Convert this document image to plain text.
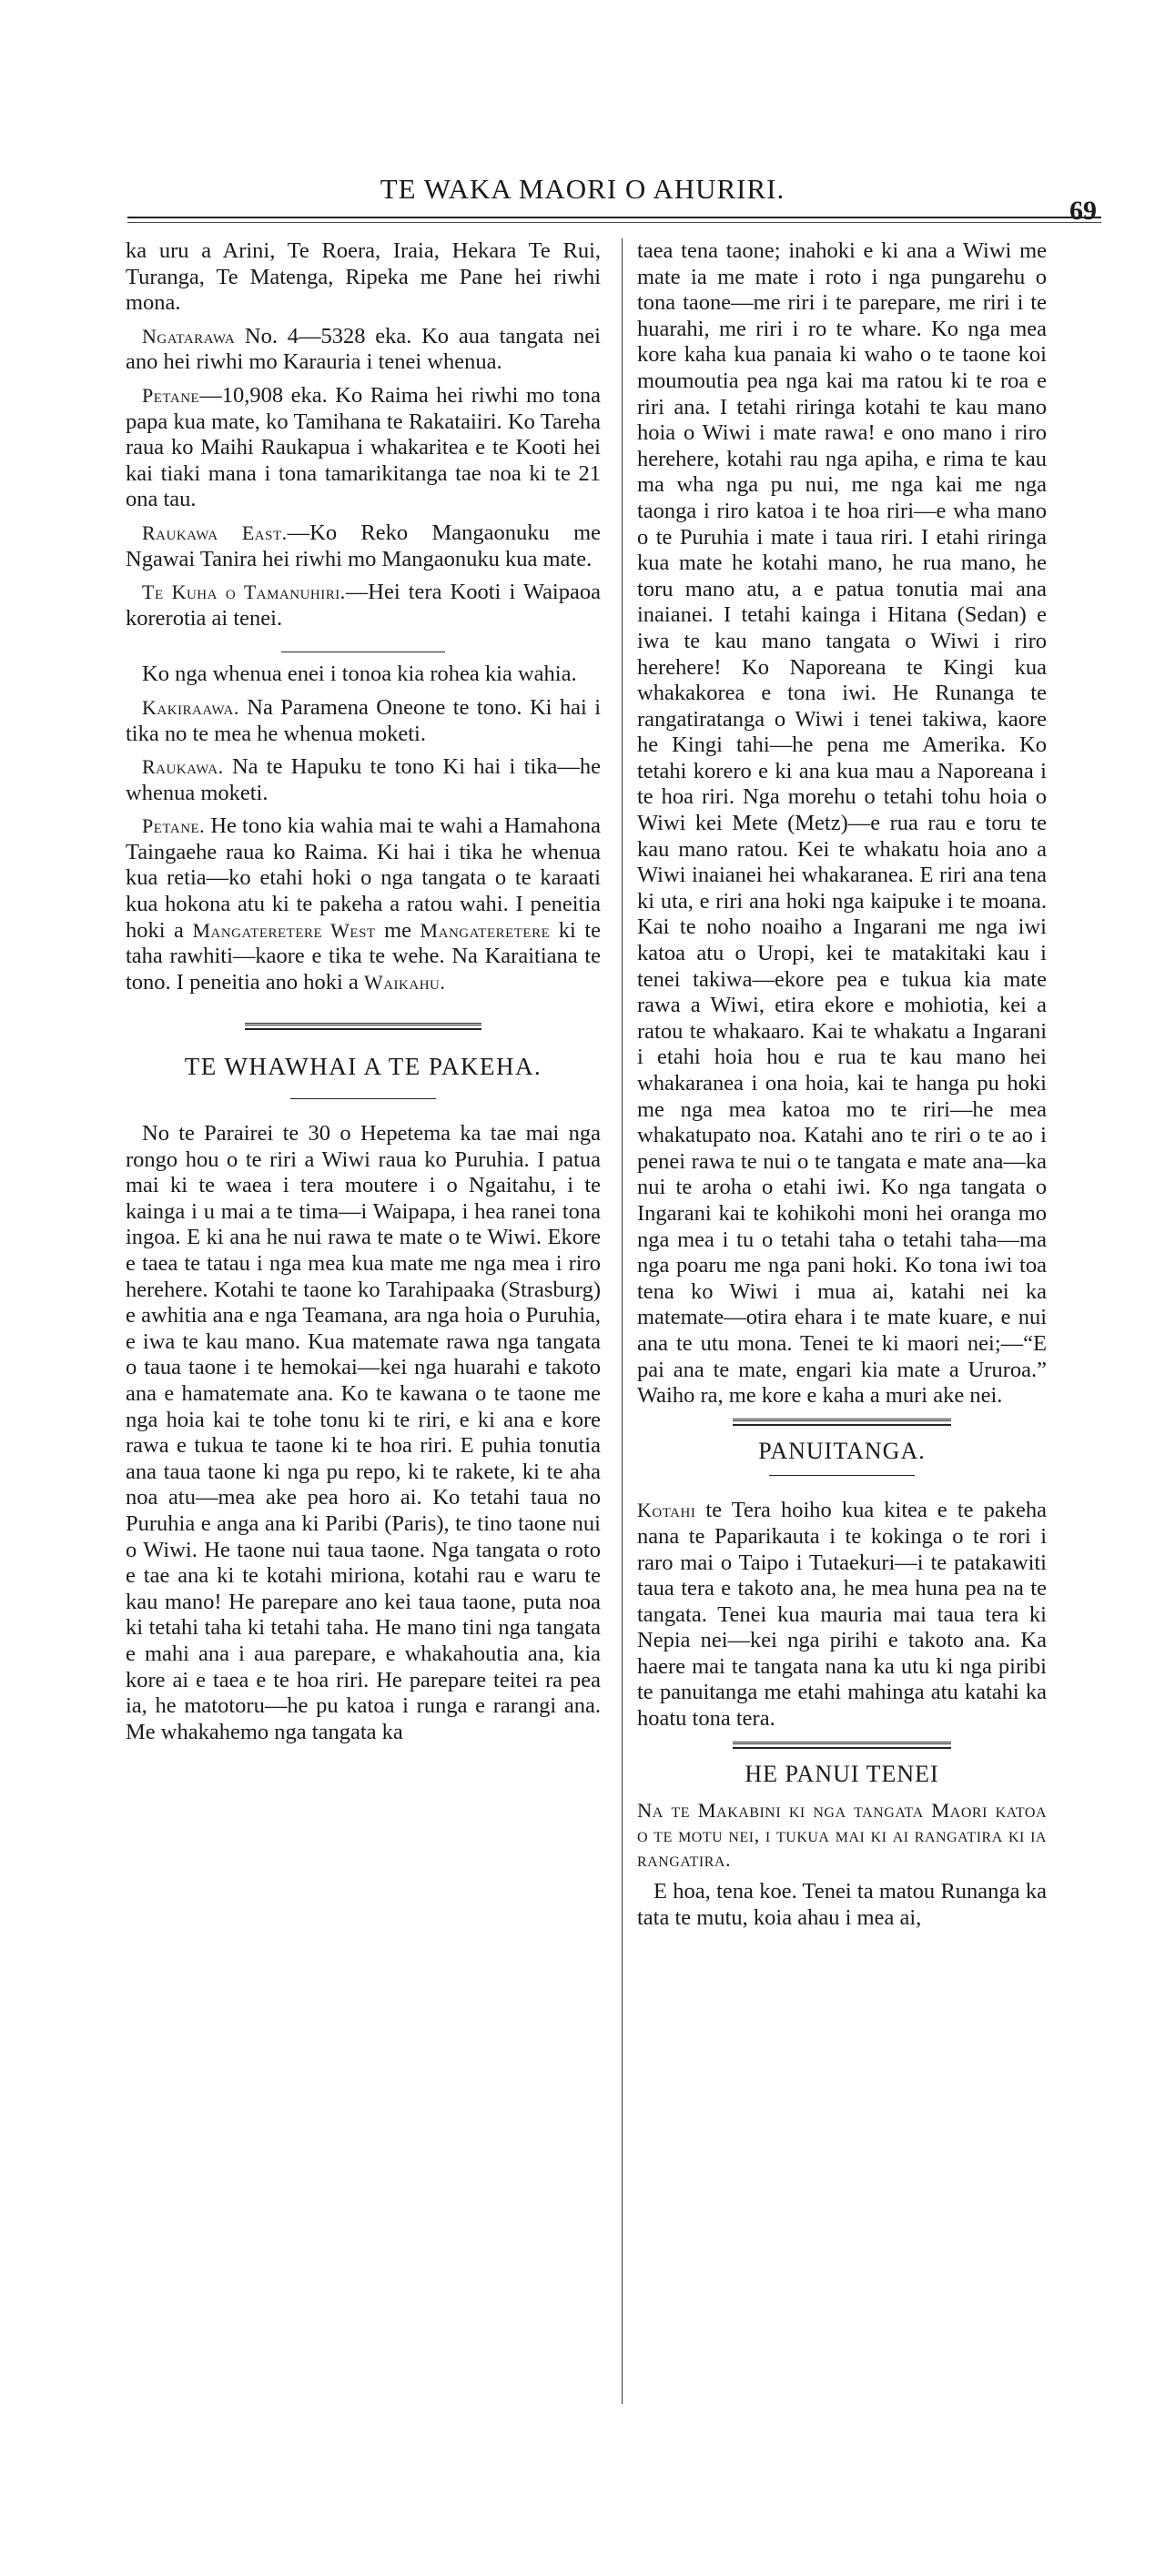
TE WAKA MAORI O AHURIRI.
69

ka uru a Arini, Te Roera, Iraia, Hekara Te Rui, Turanga, Te Matenga, Ripeka me Pane hei riwhi mona.

Ngatarawa No. 4—5328 eka. Ko aua tangata nei ano hei riwhi mo Karauria i tenei whenua.

Petane—10,908 eka. Ko Raima hei riwhi mo tona papa kua mate, ko Tamihana te Rakataiiri. Ko Tareha raua ko Maihi Raukapua i whakaritea e te Kooti hei kai tiaki mana i tona tamarikitanga tae noa ki te 21 ona tau.

Raukawa East.—Ko Reko Mangaonuku me Ngawai Tanira hei riwhi mo Mangaonuku kua mate.

Te Kuha o Tamanuhiri.—Hei tera Kooti i Waipaoa korerotia ai tenei.

Ko nga whenua enei i tonoa kia rohea kia wahia.

Kakiraawa. Na Paramena Oneone te tono. Ki hai i tika no te mea he whenua moketi.

Raukawa. Na te Hapuku te tono Ki hai i tika—he whenua moketi.

Petane. He tono kia wahia mai te wahi a Hamahona Taingaehe raua ko Raima. Ki hai i tika he whenua kua retia—ko etahi hoki o nga tangata o te karaati kua hokona atu ki te pakeha a ratou wahi. I peneitia hoki a Mangateretere West me Mangateretere ki te taha rawhiti—kaore e tika te wehe. Na Karaitiana te tono. I peneitia ano hoki a Waikahu.

TE WHAWHAI A TE PAKEHA.

No te Parairei te 30 o Hepetema ka tae mai nga rongo hou o te riri a Wiwi raua ko Puruhia. I patua mai ki te waea i tera moutere i o Ngaitahu, i te kainga i u mai a te tima—i Waipapa, i hea ranei tona ingoa. E ki ana he nui rawa te mate o te Wiwi. Ekore e taea te tatau i nga mea kua mate me nga mea i riro herehere. Kotahi te taone ko Tarahipaaka (Strasburg) e awhitia ana e nga Teamana, ara nga hoia o Puruhia, e iwa te kau mano. Kua matemate rawa nga tangata o taua taone i te hemokai—kei nga huarahi e takoto ana e hamatemate ana. Ko te kawana o te taone me nga hoia kai te tohe tonu ki te riri, e ki ana e kore rawa e tukua te taone ki te hoa riri. E puhia tonutia ana taua taone ki nga pu repo, ki te rakete, ki te aha noa atu—mea ake pea horo ai. Ko tetahi taua no Puruhia e anga ana ki Paribi (Paris), te tino taone nui o Wiwi. He taone nui taua taone. Nga tangata o roto e tae ana ki te kotahi miriona, kotahi rau e waru te kau mano! He parepare ano kei taua taone, puta noa ki tetahi taha ki tetahi taha. He mano tini nga tangata e mahi ana i aua parepare, e whakahoutia ana, kia kore ai e taea e te hoa riri. He parepare teitei ra pea ia, he matotoru—he pu katoa i runga e rarangi ana. Me whakahemo nga tangata ka

taea tena taone; inahoki e ki ana a Wiwi me mate ia me mate i roto i nga pungarehu o tona taone—me riri i te parepare, me riri i te huarahi, me riri i ro te whare. Ko nga mea kore kaha kua panaia ki waho o te taone koi moumoutia pea nga kai ma ratou ki te roa e riri ana. I tetahi riringa kotahi te kau mano hoia o Wiwi i mate rawa! e ono mano i riro herehere, kotahi rau nga apiha, e rima te kau ma wha nga pu nui, me nga kai me nga taonga i riro katoa i te hoa riri—e wha mano o te Puruhia i mate i taua riri. I etahi riringa kua mate he kotahi mano, he rua mano, he toru mano atu, a e patua tonutia mai ana inaianei. I tetahi kainga i Hitana (Sedan) e iwa te kau mano tangata o Wiwi i riro herehere! Ko Naporeana te Kingi kua whakakorea e tona iwi. He Runanga te rangatiratanga o Wiwi i tenei takiwa, kaore he Kingi tahi—he pena me Amerika. Ko tetahi korero e ki ana kua mau a Naporeana i te hoa riri. Nga morehu o tetahi tohu hoia o Wiwi kei Mete (Metz)—e rua rau e toru te kau mano ratou. Kei te whakatu hoia ano a Wiwi inaianei hei whakaranea. E riri ana tena ki uta, e riri ana hoki nga kaipuke i te moana. Kai te noho noaiho a Ingarani me nga iwi katoa atu o Uropi, kei te matakitaki kau i tenei takiwa—ekore pea e tukua kia mate rawa a Wiwi, etira ekore e mohiotia, kei a ratou te whakaaro. Kai te whakatu a Ingarani i etahi hoia hou e rua te kau mano hei whakaranea i ona hoia, kai te hanga pu hoki me nga mea katoa mo te riri—he mea whakatupato noa. Katahi ano te riri o te ao i penei rawa te nui o te tangata e mate ana—ka nui te aroha o etahi iwi. Ko nga tangata o Ingarani kai te kohikohi moni hei oranga mo nga mea i tu o tetahi taha o tetahi taha—ma nga poaru me nga pani hoki. Ko tona iwi toa tena ko Wiwi i mua ai, katahi nei ka matemate—otira ehara i te mate kuare, e nui ana te utu mona. Tenei te ki maori nei;—“E pai ana te mate, engari kia mate a Ururoa.” Waiho ra, me kore e kaha a muri ake nei.

PANUITANGA.

Kotahi te Tera hoiho kua kitea e te pakeha nana te Paparikauta i te kokinga o te rori i raro mai o Taipo i Tutaekuri—i te patakawiti taua tera e takoto ana, he mea huna pea na te tangata. Tenei kua mauria mai taua tera ki Nepia nei—kei nga pirihi e takoto ana. Ka haere mai te tangata nana ka utu ki nga piribi te panuitanga me etahi mahinga atu katahi ka hoatu tona tera.

HE PANUI TENEI

Na te Makabini ki nga tangata Maori katoa o te motu nei, i tukua mai ki ai rangatira ki ia rangatira.

E hoa, tena koe. Tenei ta matou Runanga ka tata te mutu, koia ahau i mea ai,
